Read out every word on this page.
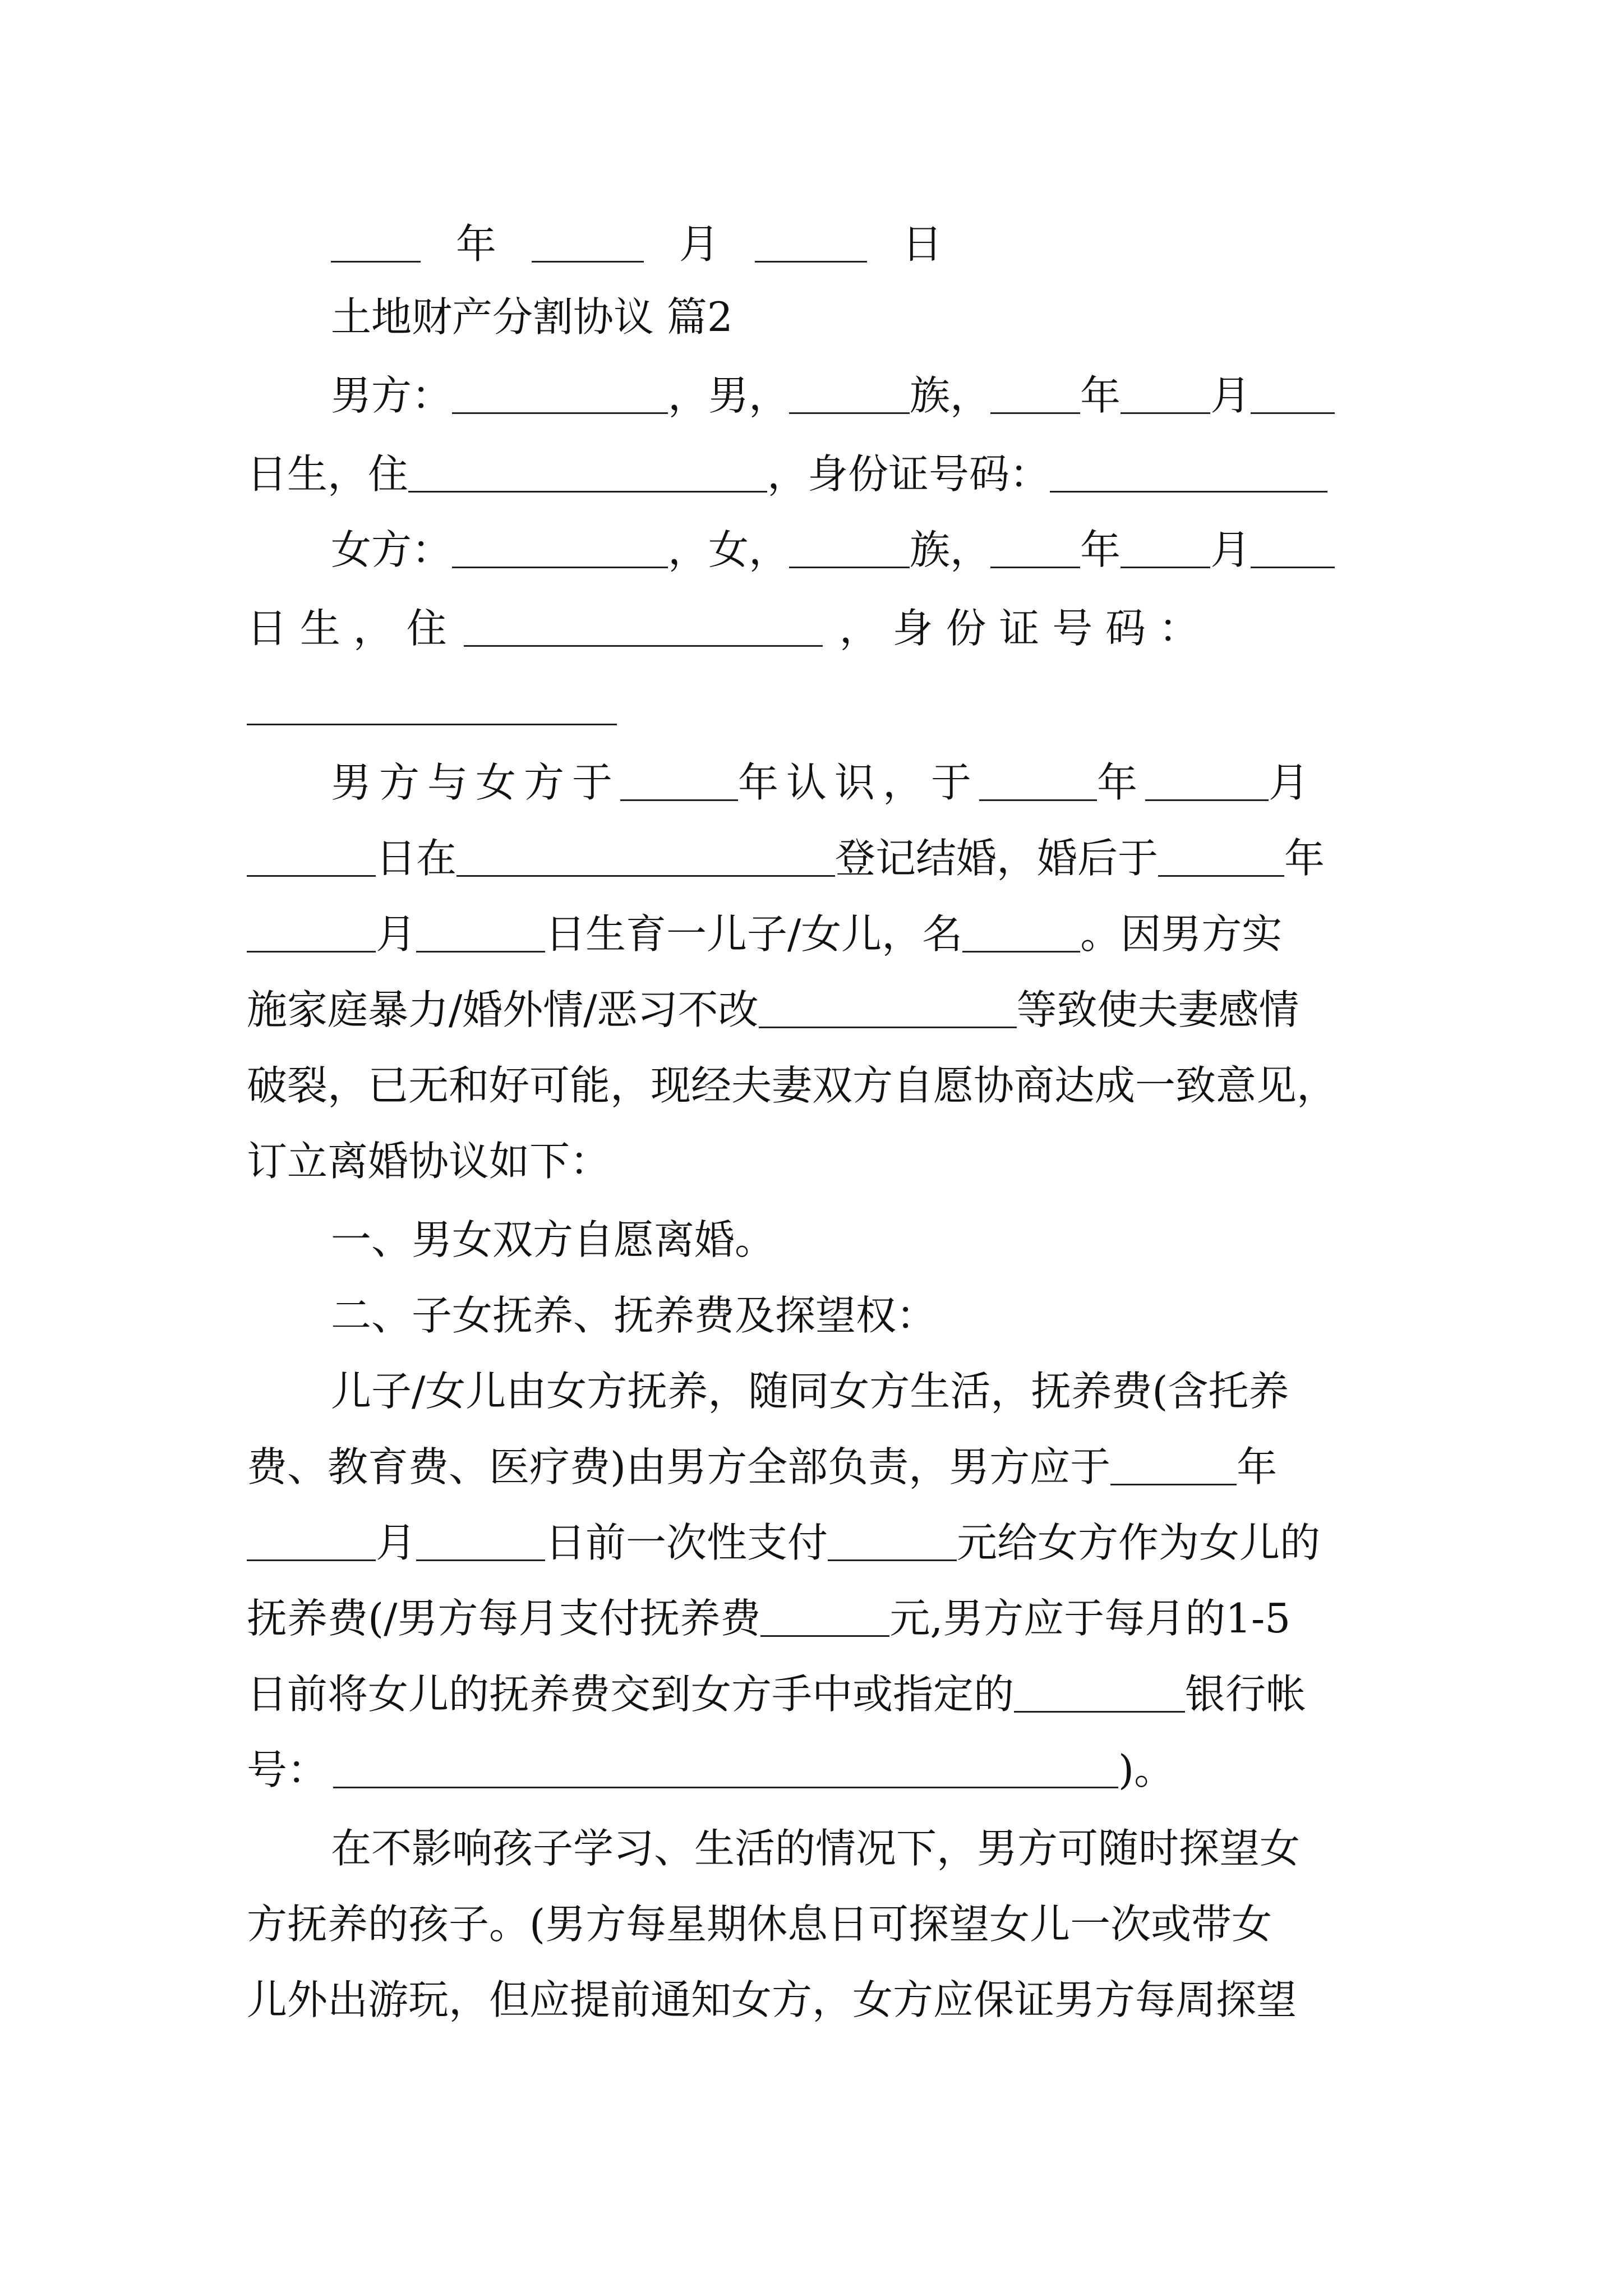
年	月	日
土地财产分割协议 篇2
男方：	，男，	族， 年 月
日生，住	，身份证号码：
女方：	，女，	族， 年 月
日 生 ， 住	， 身 份 证 号 码 ：
男方与女方于	年认识，于	年	月
日在	登记结婚，婚后于	年
月	日生育一儿子/女儿，名	。因男方实
施家庭暴力/婚外情/恶习不改	等致使夫妻感情
破裂，已无和好可能，现经夫妻双方自愿协商达成一致意见，
订立离婚协议如下：
一、男女双方自愿离婚。
二、子女抚养、抚养费及探望权：
儿子/女儿由女方抚养，随同女方生活，抚养费(含托养
费、教育费、医疗费)由男方全部负责，男方应于	年
月	日前一次性支付	元给女方作为女儿的
抚养费(/男方每月支付抚养费	元,男方应于每月的1-5
日前将女儿的抚养费交到女方手中或指定的	银行帐
号：	)。
在不影响孩子学习、生活的情况下，男方可随时探望女
方抚养的孩子。(男方每星期休息日可探望女儿一次或带女
儿外出游玩，但应提前通知女方，女方应保证男方每周探望
